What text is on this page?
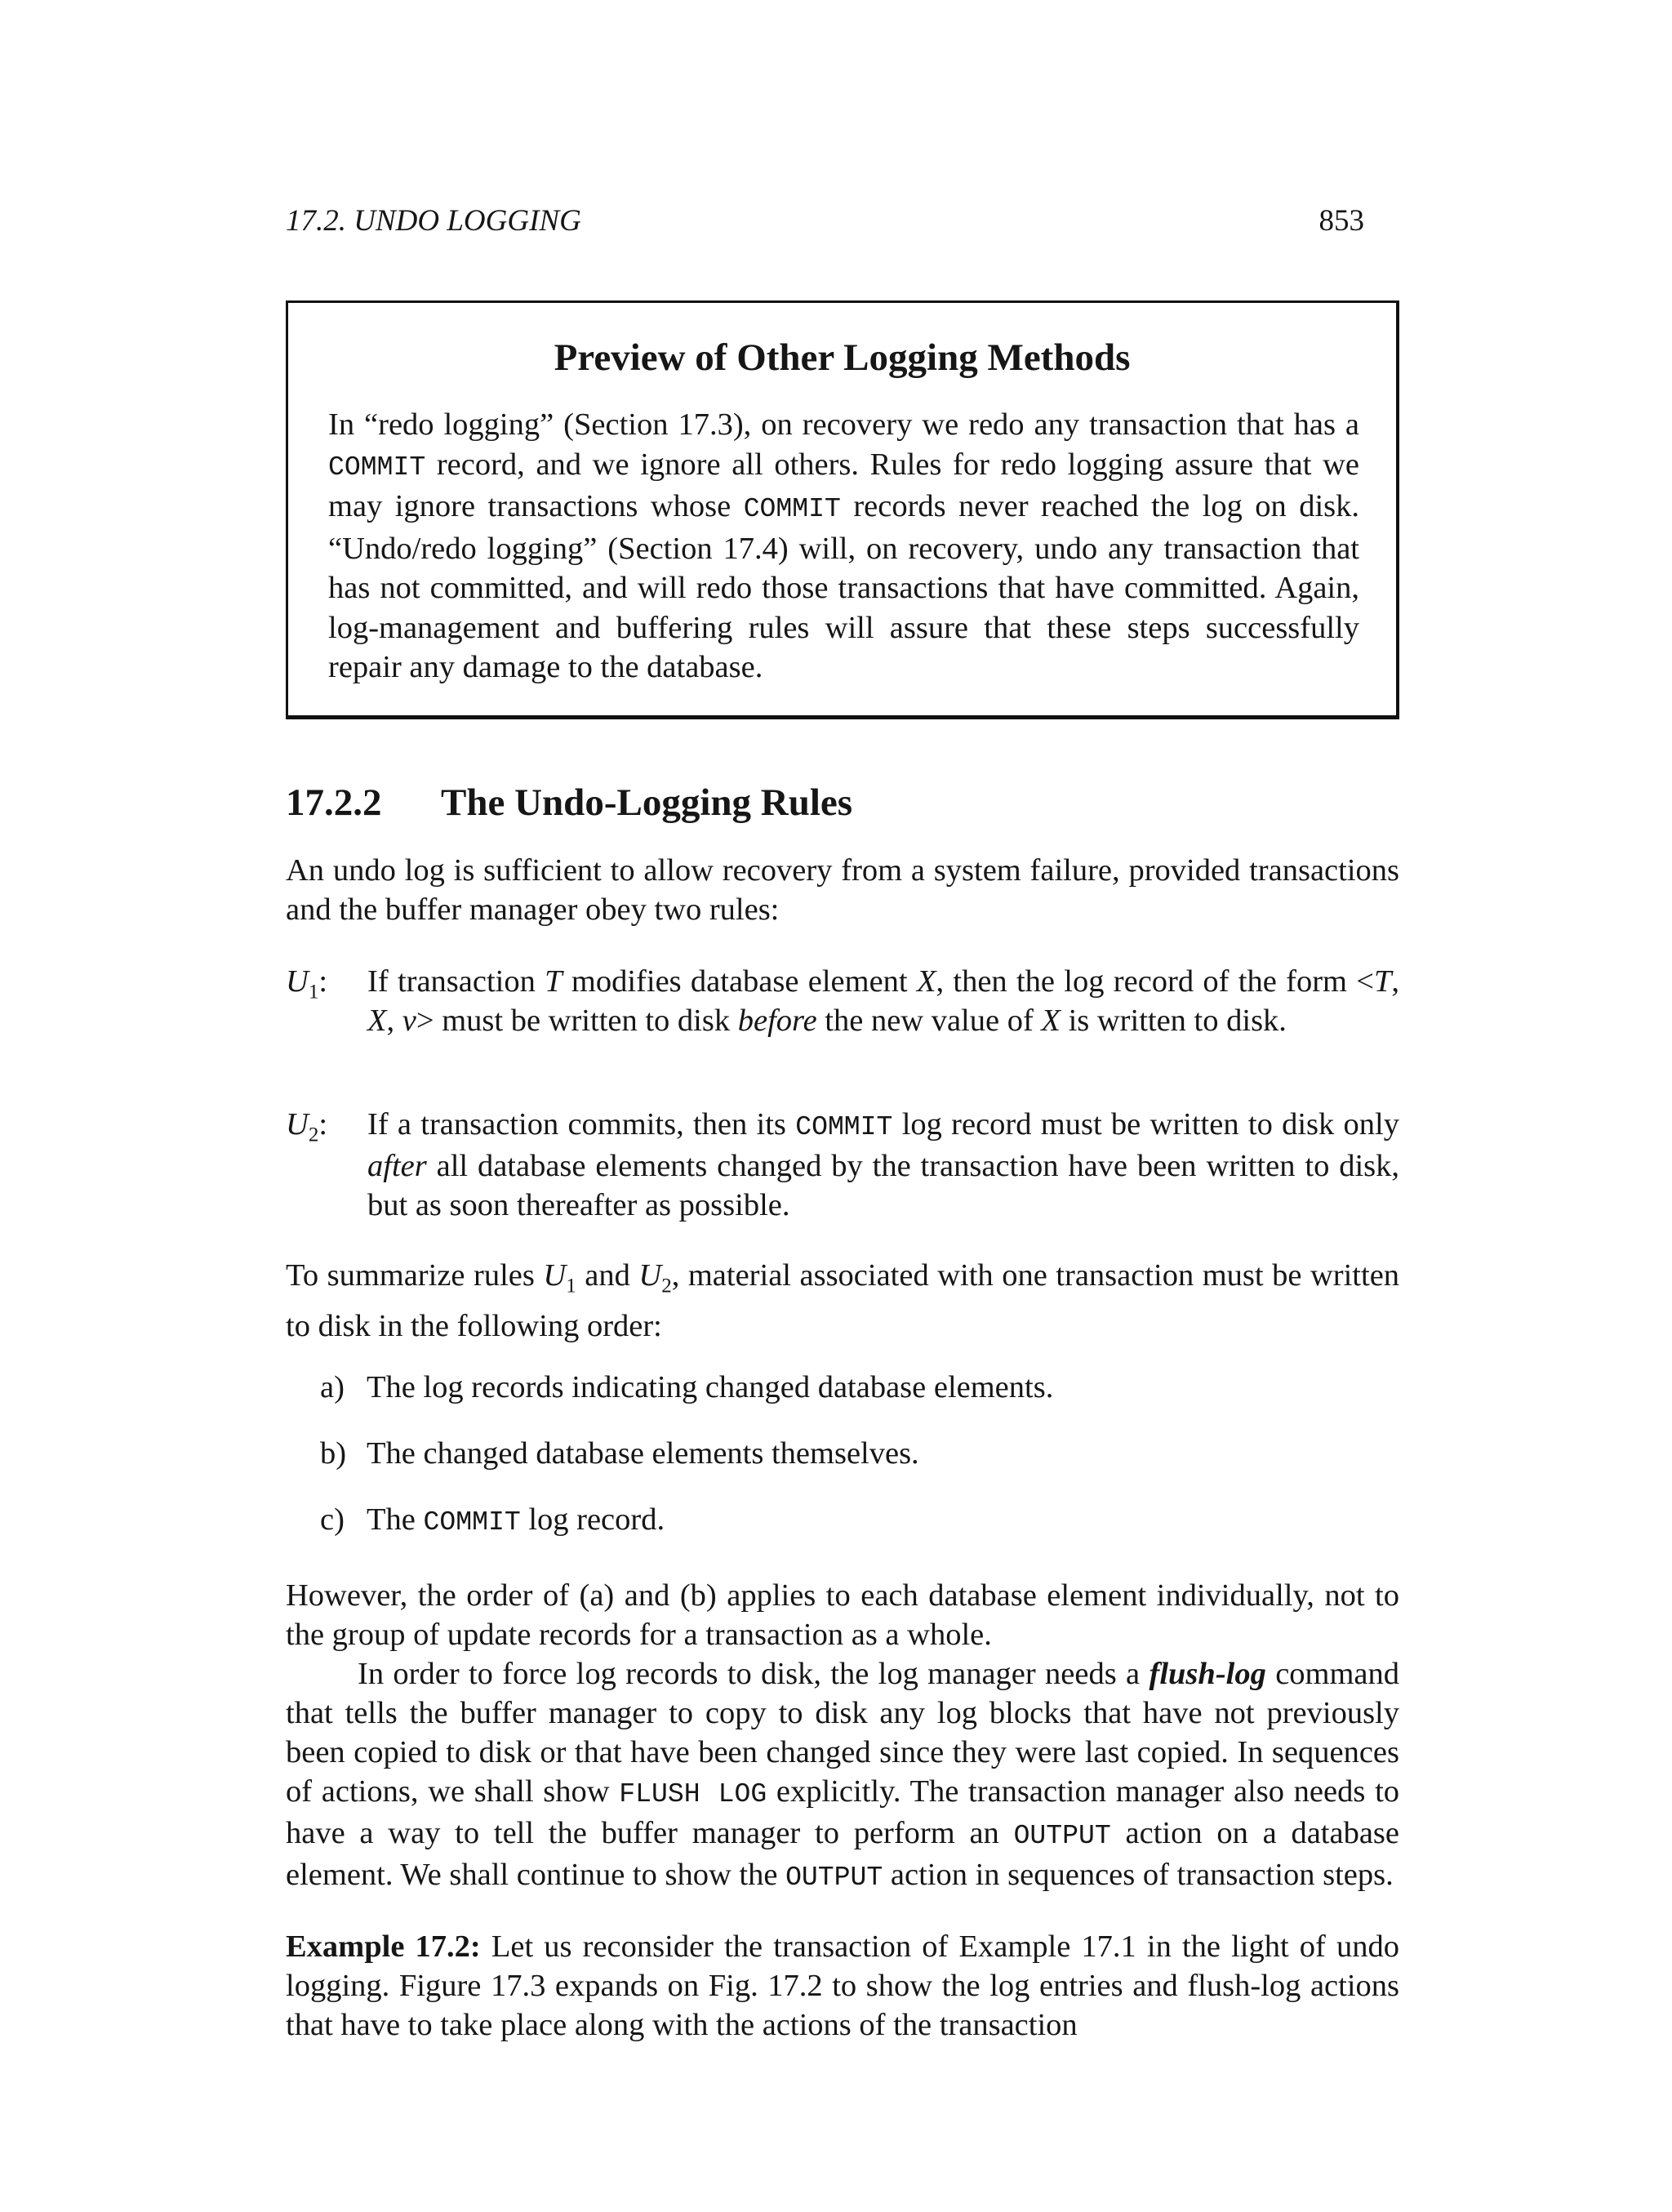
17.2. UNDO LOGGING	853
Preview of Other Logging Methods
In “redo logging” (Section 17.3), on recovery we redo any transaction that has a COMMIT record, and we ignore all others. Rules for redo logging assure that we may ignore transactions whose COMMIT records never reached the log on disk. “Undo/redo logging” (Section 17.4) will, on recovery, undo any transaction that has not committed, and will redo those transactions that have committed. Again, log-management and buffering rules will assure that these steps successfully repair any damage to the database.
17.2.2 The Undo-Logging Rules
An undo log is sufficient to allow recovery from a system failure, provided transactions and the buffer manager obey two rules:
$U_1$: If transaction T modifies database element X, then the log record of the form <T, X, v> must be written to disk before the new value of X is written to disk.
$U_2$: If a transaction commits, then its COMMIT log record must be written to disk only after all database elements changed by the transaction have been written to disk, but as soon thereafter as possible.
To summarize rules $U_1$ and $U_2$, material associated with one transaction must be written to disk in the following order:
a) The log records indicating changed database elements.
b) The changed database elements themselves.
c) The COMMIT log record.
However, the order of (a) and (b) applies to each database element individually, not to the group of update records for a transaction as a whole.
In order to force log records to disk, the log manager needs a flush-log command that tells the buffer manager to copy to disk any log blocks that have not previously been copied to disk or that have been changed since they were last copied. In sequences of actions, we shall show FLUSH LOG explicitly. The transaction manager also needs to have a way to tell the buffer manager to perform an OUTPUT action on a database element. We shall continue to show the OUTPUT action in sequences of transaction steps.
Example 17.2: Let us reconsider the transaction of Example 17.1 in the light of undo logging. Figure 17.3 expands on Fig. 17.2 to show the log entries and flush-log actions that have to take place along with the actions of the transaction
